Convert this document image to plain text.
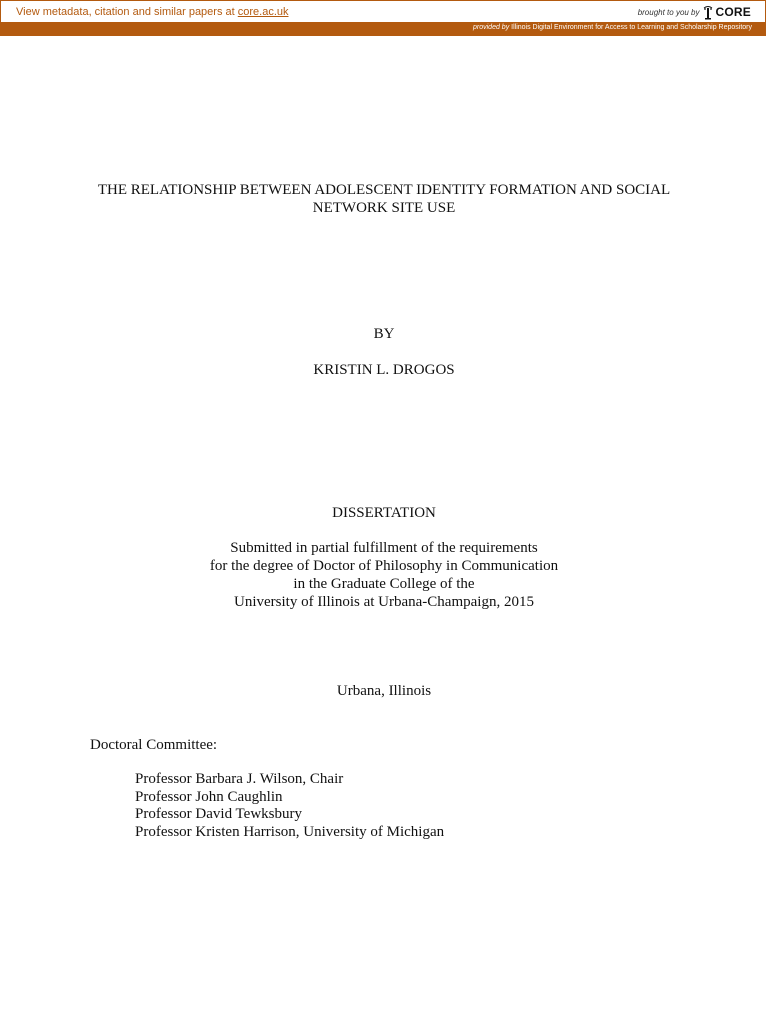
View metadata, citation and similar papers at core.ac.uk	brought to you by CORE
provided by Illinois Digital Environment for Access to Learning and Scholarship Repository
THE RELATIONSHIP BETWEEN ADOLESCENT IDENTITY FORMATION AND SOCIAL
NETWORK SITE USE
BY
KRISTIN L. DROGOS
DISSERTATION
Submitted in partial fulfillment of the requirements
for the degree of Doctor of Philosophy in Communication
in the Graduate College of the
University of Illinois at Urbana-Champaign, 2015
Urbana, Illinois
Doctoral Committee:
Professor Barbara J. Wilson, Chair
Professor John Caughlin
Professor David Tewksbury
Professor Kristen Harrison, University of Michigan
